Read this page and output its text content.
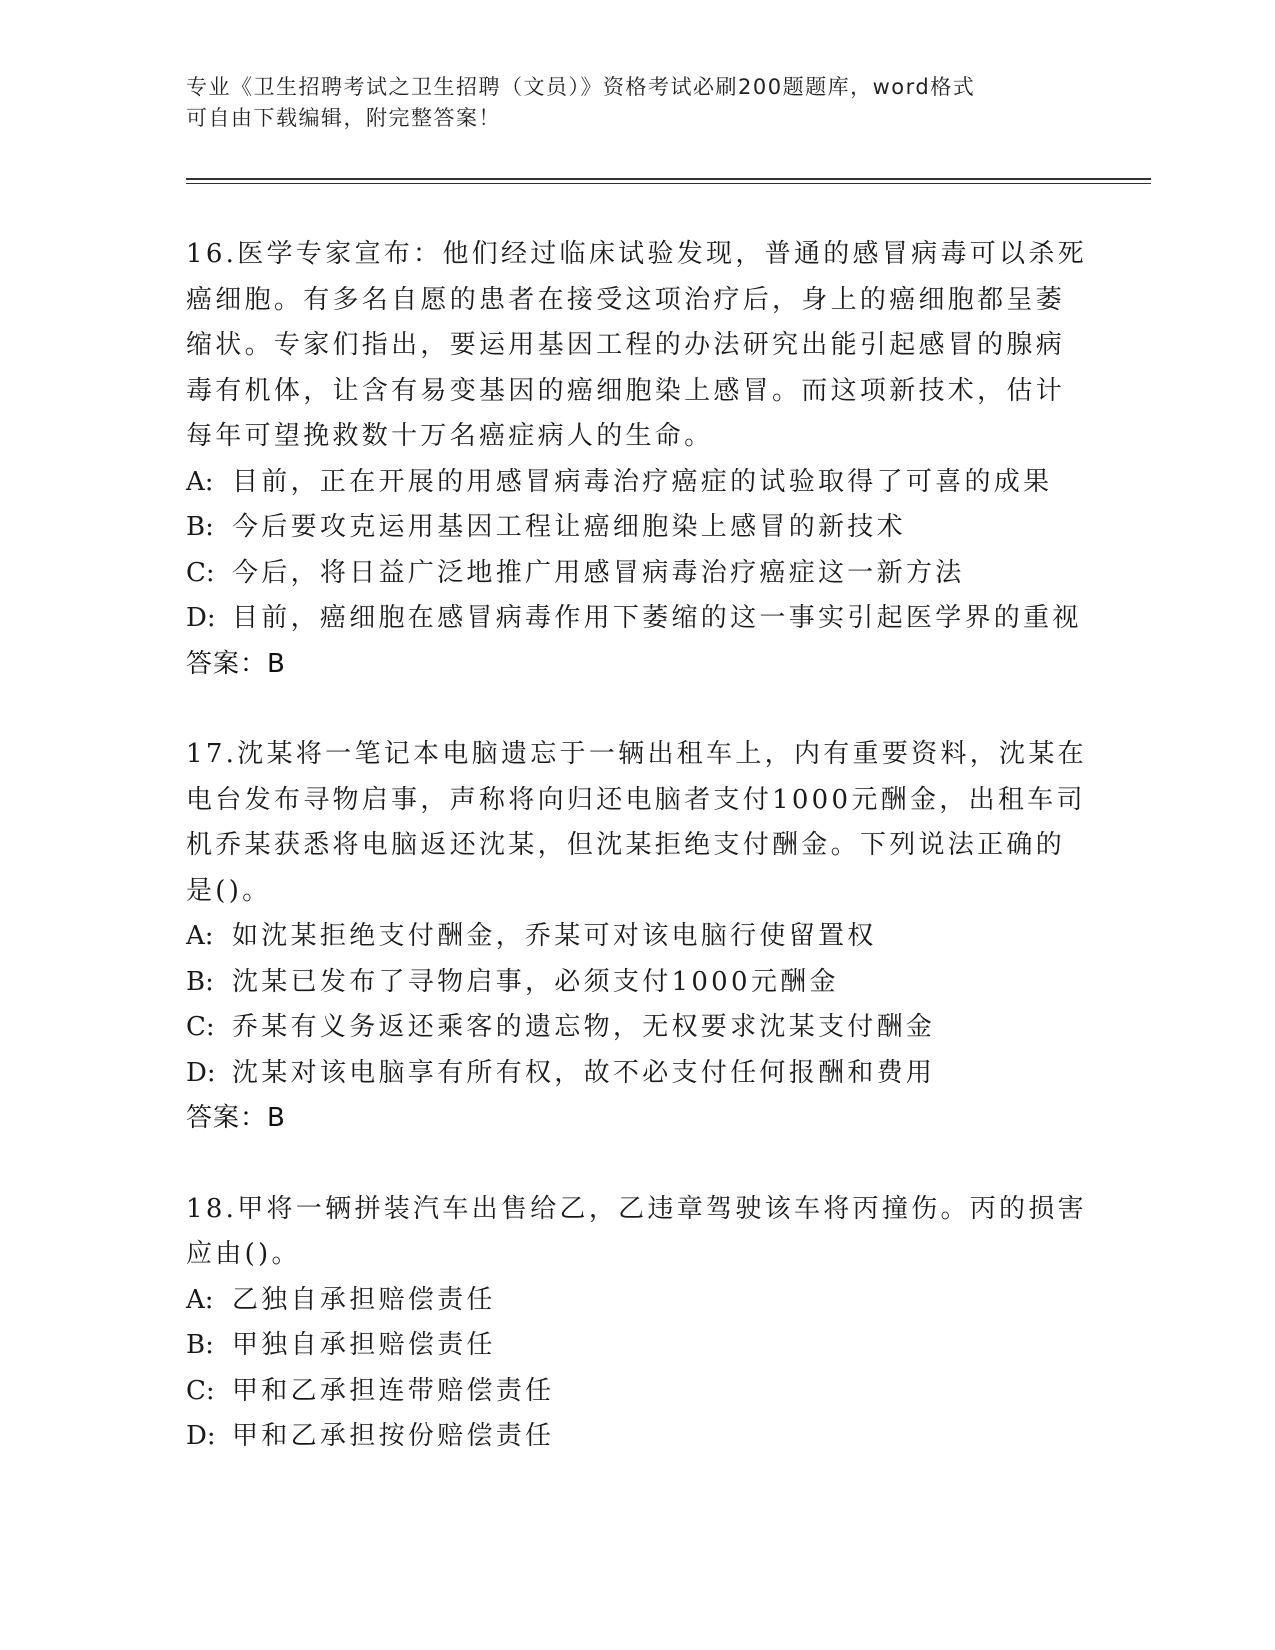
专业《卫生招聘考试之卫生招聘（文员）》资格考试必刷200题题库，word格式
可自由下载编辑，附完整答案！
16.医学专家宣布：他们经过临床试验发现，普通的感冒病毒可以杀死
癌细胞。有多名自愿的患者在接受这项治疗后，身上的癌细胞都呈萎
缩状。专家们指出，要运用基因工程的办法研究出能引起感冒的腺病
毒有机体，让含有易变基因的癌细胞染上感冒。而这项新技术，估计
每年可望挽救数十万名癌症病人的生命。
A: 目前，正在开展的用感冒病毒治疗癌症的试验取得了可喜的成果
B: 今后要攻克运用基因工程让癌细胞染上感冒的新技术
C: 今后，将日益广泛地推广用感冒病毒治疗癌症这一新方法
D: 目前，癌细胞在感冒病毒作用下萎缩的这一事实引起医学界的重视
答案：B
17.沈某将一笔记本电脑遗忘于一辆出租车上，内有重要资料，沈某在
电台发布寻物启事，声称将向归还电脑者支付1000元酬金，出租车司
机乔某获悉将电脑返还沈某，但沈某拒绝支付酬金。下列说法正确的
是()。
A: 如沈某拒绝支付酬金，乔某可对该电脑行使留置权
B: 沈某已发布了寻物启事，必须支付1000元酬金
C: 乔某有义务返还乘客的遗忘物，无权要求沈某支付酬金
D: 沈某对该电脑享有所有权，故不必支付任何报酬和费用
答案：B
18.甲将一辆拼装汽车出售给乙，乙违章驾驶该车将丙撞伤。丙的损害
应由()。
A: 乙独自承担赔偿责任
B: 甲独自承担赔偿责任
C: 甲和乙承担连带赔偿责任
D: 甲和乙承担按份赔偿责任
